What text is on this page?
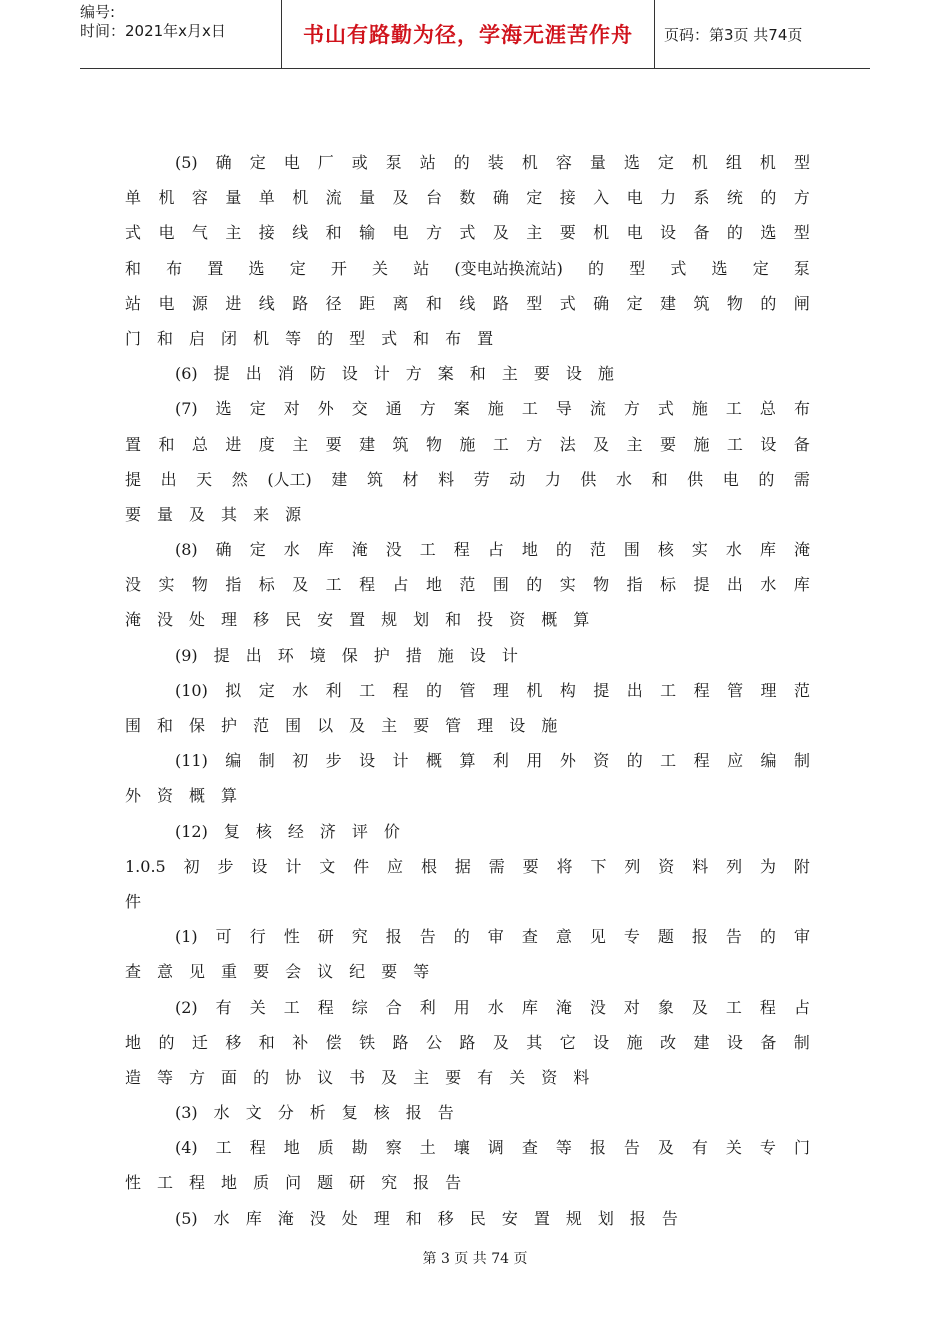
编号:
时间：2021年x月x日	书山有路勤为径，学海无涯苦作舟	页码：第3页 共74页
(5) 确 定 电 厂 或 泵 站 的 装 机 容 量 选 定 机 组 机 型
单 机 容 量 单 机 流 量 及 台 数 确 定 接 入 电 力 系 统 的 方
式 电 气 主 接 线 和 输 电 方 式 及 主 要 机 电 设 备 的 选 型
和 布 置 选 定 开 关 站 (变电站换流站) 的 型 式 选 定 泵
站 电 源 进 线 路 径 距 离 和 线 路 型 式 确 定 建 筑 物 的 闸
门 和 启 闭 机 等 的 型 式 和 布 置
(6) 提 出 消 防 设 计 方 案 和 主 要 设 施
(7) 选 定 对 外 交 通 方 案 施 工 导 流 方 式 施 工 总 布
置 和 总 进 度 主 要 建 筑 物 施 工 方 法 及 主 要 施 工 设 备
提 出 天 然 (人工) 建 筑 材 料 劳 动 力 供 水 和 供 电 的 需
要 量 及 其 来 源
(8) 确 定 水 库 淹 没 工 程 占 地 的 范 围 核 实 水 库 淹
没 实 物 指 标 及 工 程 占 地 范 围 的 实 物 指 标 提 出 水 库
淹 没 处 理 移 民 安 置 规 划 和 投 资 概 算
(9) 提 出 环 境 保 护 措 施 设 计
(10) 拟 定 水 利 工 程 的 管 理 机 构 提 出 工 程 管 理 范
围 和 保 护 范 围 以 及 主 要 管 理 设 施
(11) 编 制 初 步 设 计 概 算 利 用 外 资 的 工 程 应 编 制
外 资 概 算
(12) 复 核 经 济 评 价
1.0.5 初 步 设 计 文 件 应 根 据 需 要 将 下 列 资 料 列 为 附
件
(1) 可 行 性 研 究 报 告 的 审 查 意 见 专 题 报 告 的 审
查 意 见 重 要 会 议 纪 要 等
(2) 有 关 工 程 综 合 利 用 水 库 淹 没 对 象 及 工 程 占
地 的 迁 移 和 补 偿 铁 路 公 路 及 其 它 设 施 改 建 设 备 制
造 等 方 面 的 协 议 书 及 主 要 有 关 资 料
(3) 水 文 分 析 复 核 报 告
(4) 工 程 地 质 勘 察 土 壤 调 查 等 报 告 及 有 关 专 门
性 工 程 地 质 问 题 研 究 报 告
(5) 水 库 淹 没 处 理 和 移 民 安 置 规 划 报 告
第 3 页 共 74 页
